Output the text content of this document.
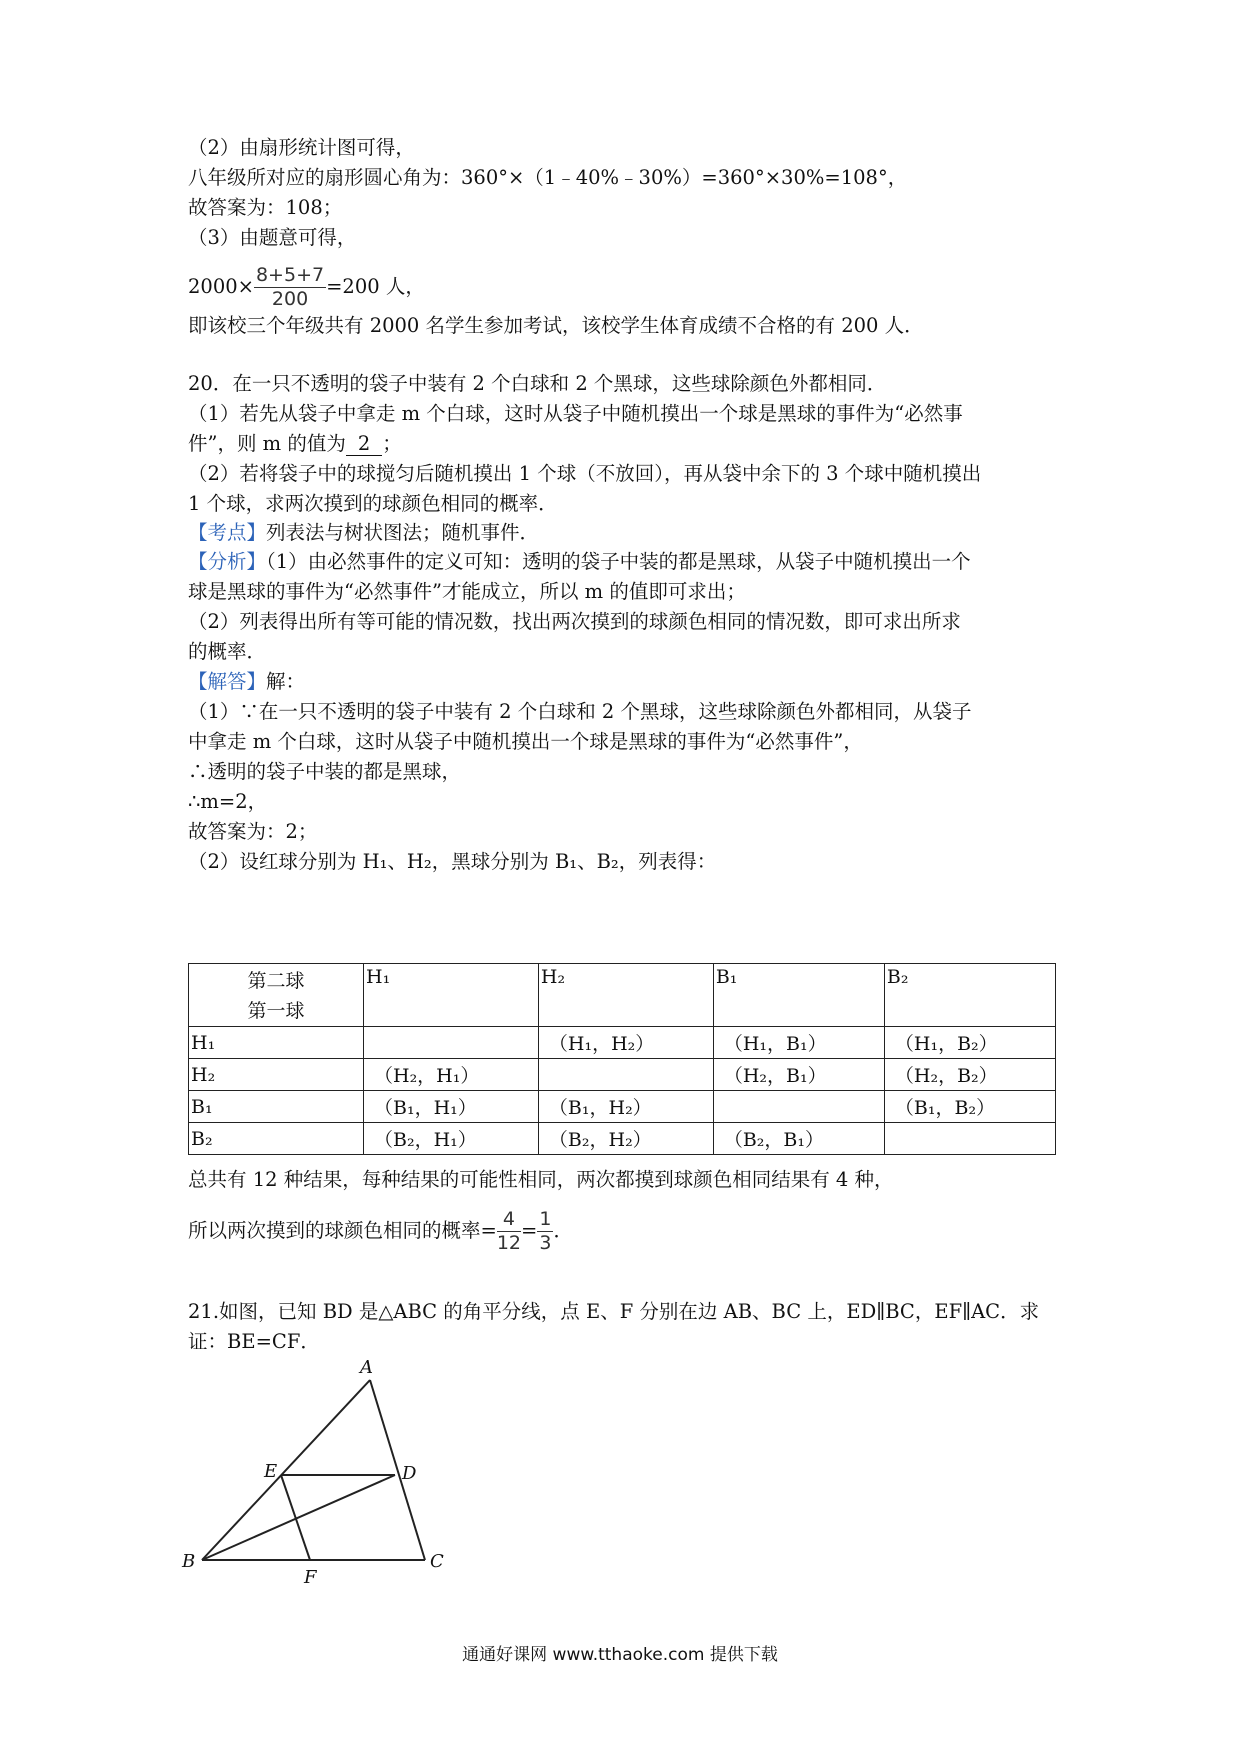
（2）由扇形统计图可得，
八年级所对应的扇形圆心角为：360°×（1﹣40%﹣30%）=360°×30%=108°，
故答案为：108；
（3）由题意可得，
$2000\times \frac{8+5+7}{200} =200$ 人，
即该校三个年级共有 2000 名学生参加考试，该校学生体育成绩不合格的有 200 人．
20．在一只不透明的袋子中装有 2 个白球和 2 个黑球，这些球除颜色外都相同．
（1）若先从袋子中拿走 m 个白球，这时从袋子中随机摸出一个球是黑球的事件为“必然事
件”，则 m 的值为 2 ；
（2）若将袋子中的球搅匀后随机摸出 1 个球（不放回），再从袋中余下的 3 个球中随机摸出
1 个球，求两次摸到的球颜色相同的概率．
【考点】列表法与树状图法；随机事件．
【分析】（1）由必然事件的定义可知：透明的袋子中装的都是黑球，从袋子中随机摸出一个
球是黑球的事件为“必然事件”才能成立，所以 m 的值即可求出；
（2）列表得出所有等可能的情况数，找出两次摸到的球颜色相同的情况数，即可求出所求
的概率．
【解答】解：
（1）∵在一只不透明的袋子中装有 2 个白球和 2 个黑球，这些球除颜色外都相同，从袋子
中拿走 m 个白球，这时从袋子中随机摸出一个球是黑球的事件为“必然事件”，
∴透明的袋子中装的都是黑球，
∴m=2，
故答案为：2；
（2）设红球分别为 H₁、H₂，黑球分别为 B₁、B₂，列表得：
第二球
第一球	H₁	H₂	B₁	B₂
H₁		（H₁，H₂）	（H₁，B₁）	（H₁，B₂）
H₂	（H₂，H₁）		（H₂，B₁）	（H₂，B₂）
B₁	（B₁，H₁）	（B₁，H₂）		（B₁，B₂）
B₂	（B₂，H₁）	（B₂，H₂）	（B₂，B₁）	
总共有 12 种结果，每种结果的可能性相同，两次都摸到球颜色相同结果有 4 种，
所以两次摸到的球颜色相同的概率= $\frac{4}{12} = \frac{1}{3}$ ．
21.如图，已知 BD 是△ABC 的角平分线，点 E、F 分别在边 AB、BC 上，ED∥BC，EF∥AC．求
证：BE=CF．
A
B	C
D
E
F
通通好课网 www.tthaoke.com 提供下载
